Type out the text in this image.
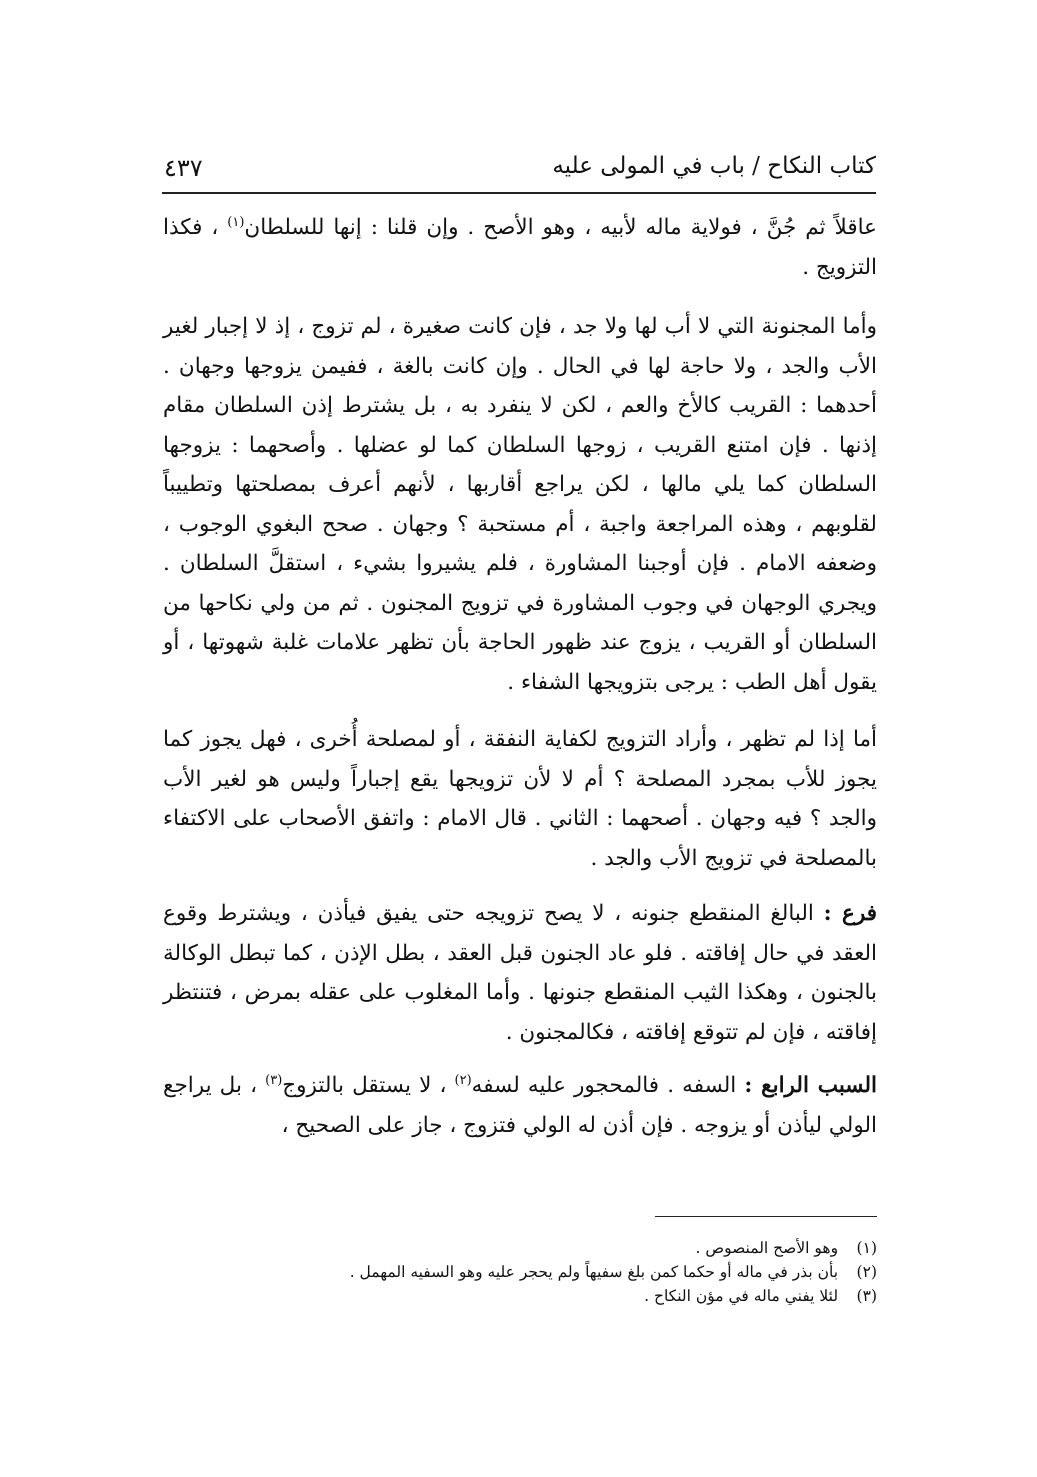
كتاب النكاح / باب في المولى عليه
٤٣٧

عاقلاً ثم جُنَّ ، فولاية ماله لأبيه ، وهو الأصح . وإن قلنا : إنها للسلطان$^{(١)}$ ، فكذا التزويج .

وأما المجنونة التي لا أب لها ولا جد ، فإن كانت صغيرة ، لم تزوج ، إذ لا إجبار لغير الأب والجد ، ولا حاجة لها في الحال . وإن كانت بالغة ، ففيمن يزوجها وجهان . أحدهما : القريب كالأخ والعم ، لكن لا ينفرد به ، بل يشترط إذن السلطان مقام إذنها . فإن امتنع القريب ، زوجها السلطان كما لو عضلها . وأصحهما : يزوجها السلطان كما يلي مالها ، لكن يراجع أقاربها ، لأنهم أعرف بمصلحتها وتطييباً لقلوبهم ، وهذه المراجعة واجبة ، أم مستحبة ؟ وجهان . صحح البغوي الوجوب ، وضعفه الامام . فإن أوجبنا المشاورة ، فلم يشيروا بشيء ، استقلَّ السلطان . ويجري الوجهان في وجوب المشاورة في تزويج المجنون . ثم من ولي نكاحها من السلطان أو القريب ، يزوج عند ظهور الحاجة بأن تظهر علامات غلبة شهوتها ، أو يقول أهل الطب : يرجى بتزويجها الشفاء .

أما إذا لم تظهر ، وأراد التزويج لكفاية النفقة ، أو لمصلحة أُخرى ، فهل يجوز كما يجوز للأب بمجرد المصلحة ؟ أم لا لأن تزويجها يقع إجباراً وليس هو لغير الأب والجد ؟ فيه وجهان . أصحهما : الثاني . قال الامام : واتفق الأصحاب على الاكتفاء بالمصلحة في تزويج الأب والجد .

فرع : البالغ المنقطع جنونه ، لا يصح تزويجه حتى يفيق فيأذن ، ويشترط وقوع العقد في حال إفاقته . فلو عاد الجنون قبل العقد ، بطل الإذن ، كما تبطل الوكالة بالجنون ، وهكذا الثيب المنقطع جنونها . وأما المغلوب على عقله بمرض ، فتنتظر إفاقته ، فإن لم تتوقع إفاقته ، فكالمجنون .

السبب الرابع : السفه . فالمحجور عليه لسفه$^{(٢)}$ ، لا يستقل بالتزوج$^{(٣)}$ ، بل يراجع الولي ليأذن أو يزوجه . فإن أذن له الولي فتزوج ، جاز على الصحيح ،

(١) وهو الأصح المنصوص .

(٢) بأن بذر في ماله أو حكما كمن بلغ سفيهاً ولم يحجر عليه وهو السفيه المهمل .

(٣) لئلا يفني ماله في مؤن النكاح .
